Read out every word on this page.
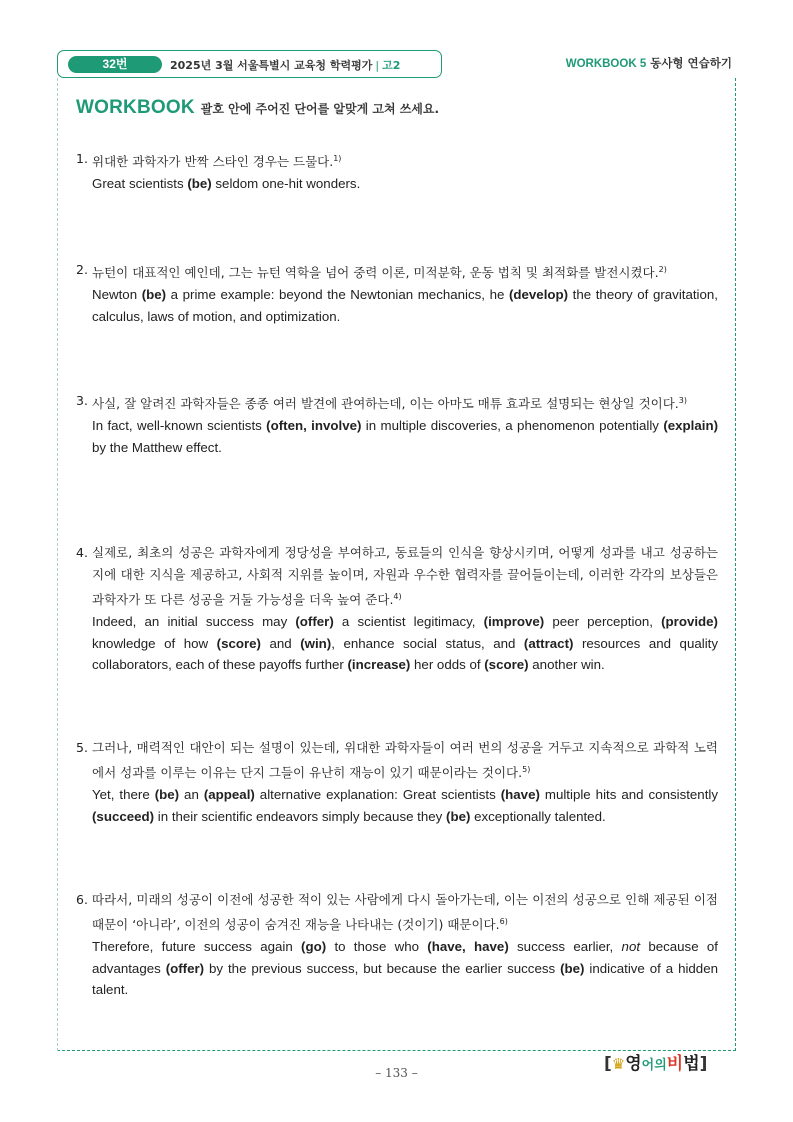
32번	2025년 3월 서울특별시 교육청 학력평가 | 고2	WORKBOOK 5 동사형 연습하기
WORKBOOK 괄호 안에 주어진 단어를 알맞게 고쳐 쓰세요.
1. 위대한 과학자가 반짝 스타인 경우는 드물다.$^{1)}$
Great scientists (be) seldom one-hit wonders.
2. 뉴턴이 대표적인 예인데, 그는 뉴턴 역학을 넘어 중력 이론, 미적분학, 운동 법칙 및 최적화를 발전시켰다.$^{2)}$
Newton (be) a prime example: beyond the Newtonian mechanics, he (develop) the theory of gravitation, calculus, laws of motion, and optimization.
3. 사실, 잘 알려진 과학자들은 종종 여러 발견에 관여하는데, 이는 아마도 매튜 효과로 설명되는 현상일 것이다.$^{3)}$
In fact, well-known scientists (often, involve) in multiple discoveries, a phenomenon potentially (explain) by the Matthew effect.
4. 실제로, 최초의 성공은 과학자에게 정당성을 부여하고, 동료들의 인식을 향상시키며, 어떻게 성과를 내고 성공하는지에 대한 지식을 제공하고, 사회적 지위를 높이며, 자원과 우수한 협력자를 끌어들이는데, 이러한 각각의 보상들은 과학자가 또 다른 성공을 거둘 가능성을 더욱 높여 준다.$^{4)}$
Indeed, an initial success may (offer) a scientist legitimacy, (improve) peer perception, (provide) knowledge of how (score) and (win), enhance social status, and (attract) resources and quality collaborators, each of these payoffs further (increase) her odds of (score) another win.
5. 그러나, 매력적인 대안이 되는 설명이 있는데, 위대한 과학자들이 여러 번의 성공을 거두고 지속적으로 과학적 노력에서 성과를 이루는 이유는 단지 그들이 유난히 재능이 있기 때문이라는 것이다.$^{5)}$
Yet, there (be) an (appeal) alternative explanation: Great scientists (have) multiple hits and consistently (succeed) in their scientific endeavors simply because they (be) exceptionally talented.
6. 따라서, 미래의 성공이 이전에 성공한 적이 있는 사람에게 다시 돌아가는데, 이는 이전의 성공으로 인해 제공된 이점 때문이 ‘아니라’, 이전의 성공이 숨겨진 재능을 나타내는 (것이기) 때문이다.$^{6)}$
Therefore, future success again (go) to those who (have, have) success earlier, not because of advantages (offer) by the previous success, but because the earlier success (be) indicative of a hidden talent.
[♛영어의비법]
– 133 –
